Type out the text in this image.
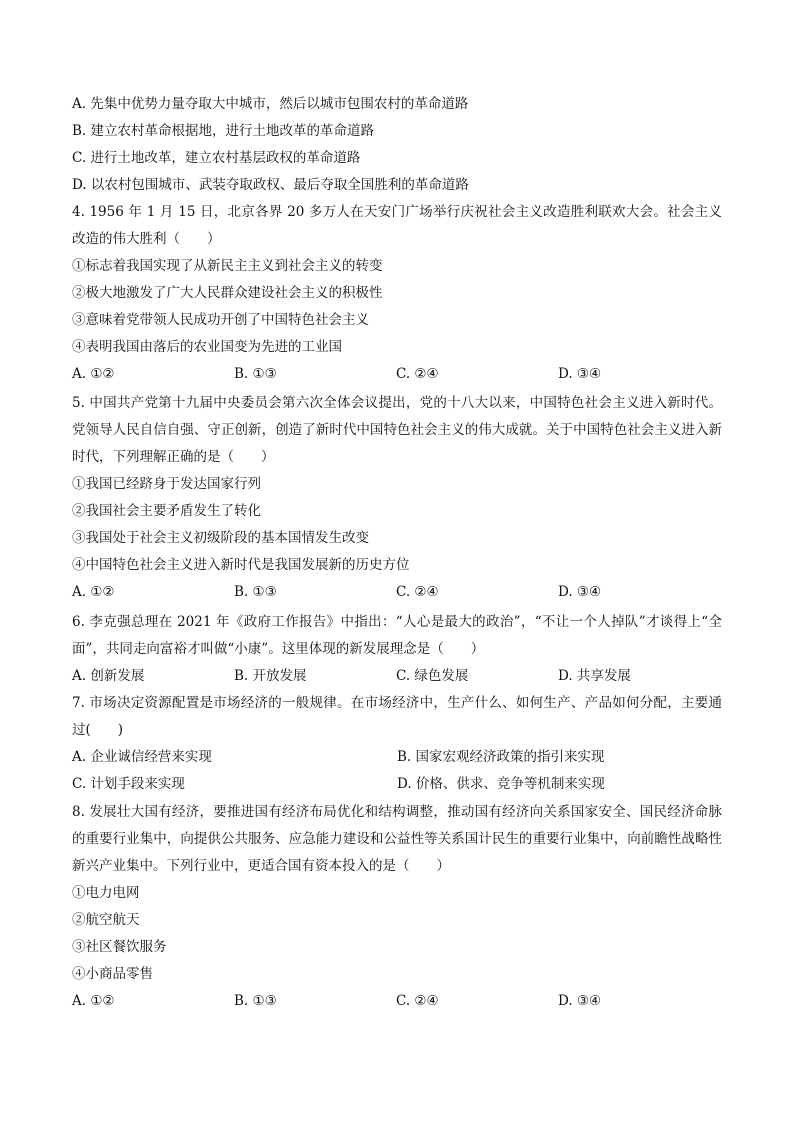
A. 先集中优势力量夺取大中城市，然后以城市包围农村的革命道路
B. 建立农村革命根据地，进行土地改革的革命道路
C. 进行土地改革，建立农村基层政权的革命道路
D. 以农村包围城市、武装夺取政权、最后夺取全国胜利的革命道路
4. 1956 年 1 月 15 日，北京各界 20 多万人在天安门广场举行庆祝社会主义改造胜利联欢大会。社会主义改造的伟大胜利（　　）
①标志着我国实现了从新民主主义到社会主义的转变
②极大地激发了广大人民群众建设社会主义的积极性
③意味着党带领人民成功开创了中国特色社会主义
④表明我国由落后的农业国变为先进的工业国
A. ①②	B. ①③	C. ②④	D. ③④
5. 中国共产党第十九届中央委员会第六次全体会议提出，党的十八大以来，中国特色社会主义进入新时代。党领导人民自信自强、守正创新，创造了新时代中国特色社会主义的伟大成就。关于中国特色社会主义进入新时代，下列理解正确的是（　　）
①我国已经跻身于发达国家行列
②我国社会主要矛盾发生了转化
③我国处于社会主义初级阶段的基本国情发生改变
④中国特色社会主义进入新时代是我国发展新的历史方位
A. ①②	B. ①③	C. ②④	D. ③④
6. 李克强总理在 2021 年《政府工作报告》中指出：“人心是最大的政治”，“不让一个人掉队”才谈得上“全面”，共同走向富裕才叫做“小康”。这里体现的新发展理念是（　　）
A. 创新发展	B. 开放发展	C. 绿色发展	D. 共享发展
7. 市场决定资源配置是市场经济的一般规律。在市场经济中，生产什么、如何生产、产品如何分配，主要通过(　　)
A. 企业诚信经营来实现	B. 国家宏观经济政策的指引来实现
C. 计划手段来实现	D. 价格、供求、竞争等机制来实现
8. 发展壮大国有经济，要推进国有经济布局优化和结构调整，推动国有经济向关系国家安全、国民经济命脉的重要行业集中，向提供公共服务、应急能力建设和公益性等关系国计民生的重要行业集中，向前瞻性战略性新兴产业集中。下列行业中，更适合国有资本投入的是（　　）
①电力电网
②航空航天
③社区餐饮服务
④小商品零售
A. ①②	B. ①③	C. ②④	D. ③④
